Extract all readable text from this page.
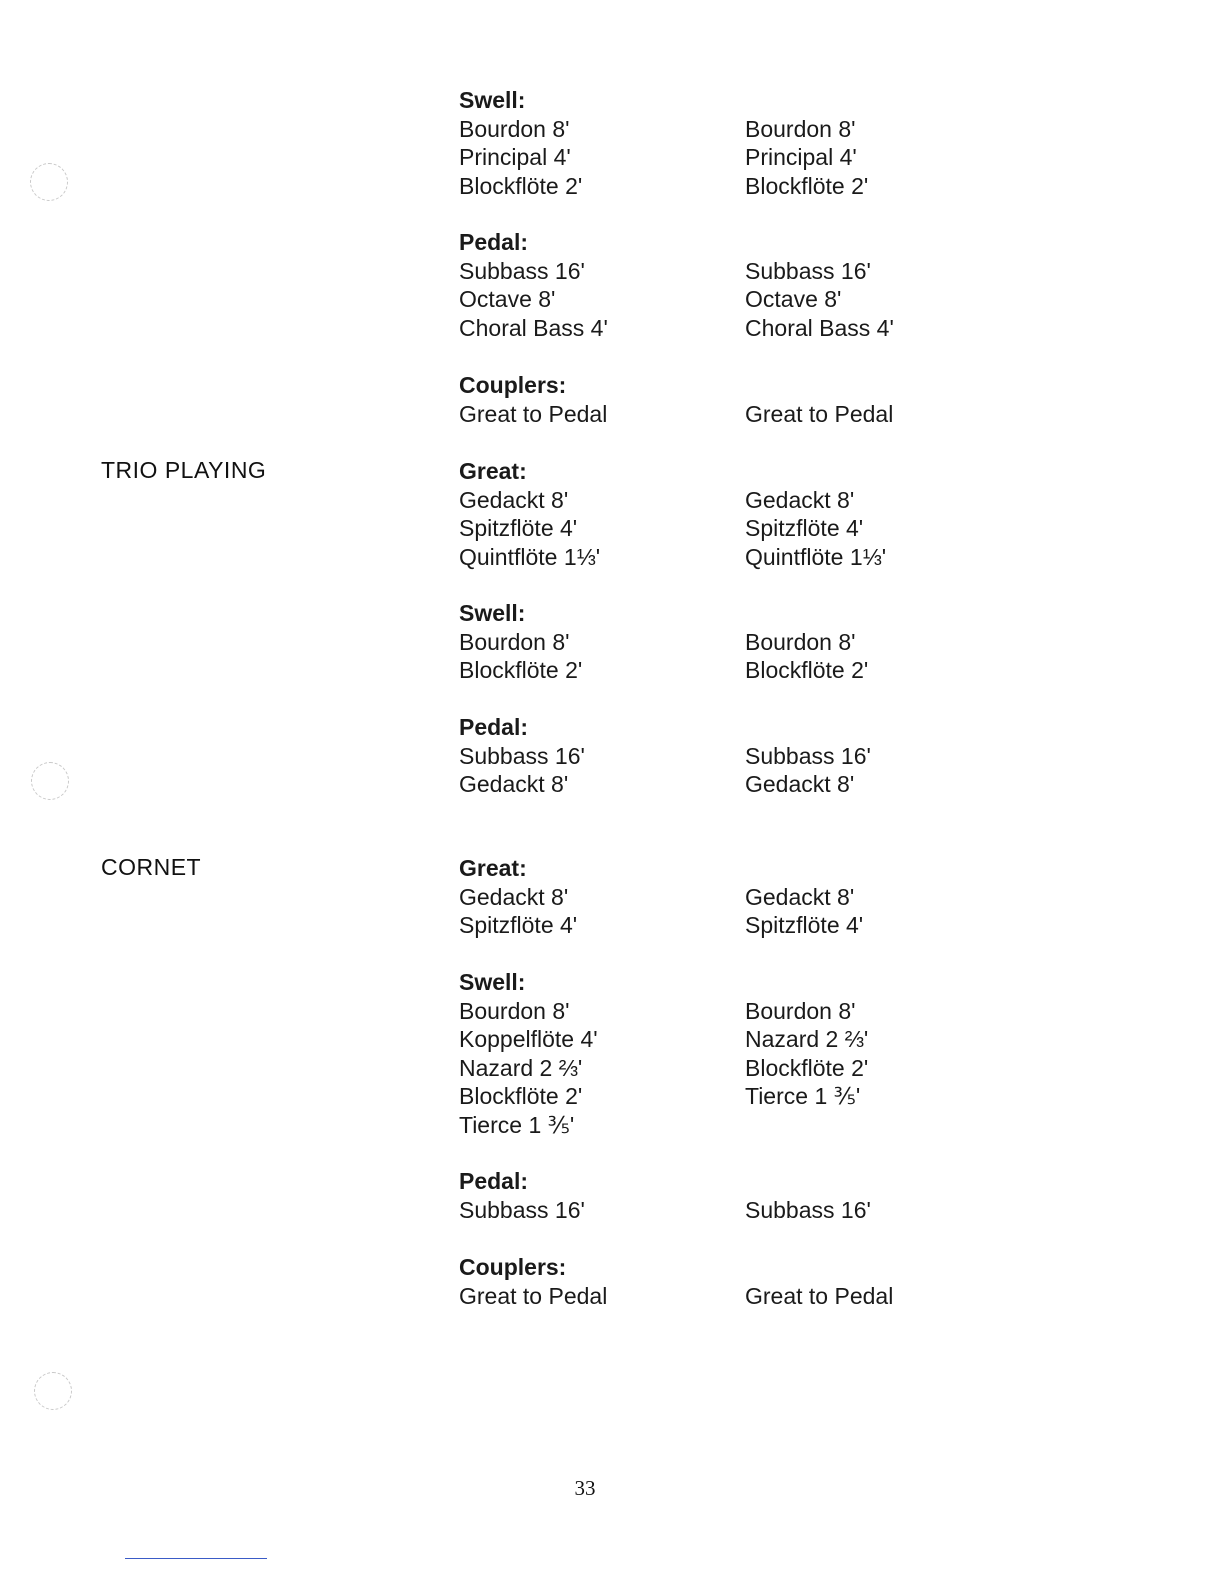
TRIO PLAYING
CORNET
Swell:
Bourdon 8'	Bourdon 8'
Principal 4'	Principal 4'
Blockflöte 2'	Blockflöte 2'
Pedal:
Subbass 16'	Subbass 16'
Octave 8'	Octave 8'
Choral Bass 4'	Choral Bass 4'
Couplers:
Great to Pedal	Great to Pedal
Great:
Gedackt 8'	Gedackt 8'
Spitzflöte 4'	Spitzflöte 4'
Quintflöte 1⅓'	Quintflöte 1⅓'
Swell:
Bourdon 8'	Bourdon 8'
Blockflöte 2'	Blockflöte 2'
Pedal:
Subbass 16'	Subbass 16'
Gedackt 8'	Gedackt 8'
Great:
Gedackt 8'	Gedackt 8'
Spitzflöte 4'	Spitzflöte 4'
Swell:
Bourdon 8'	Bourdon 8'
Koppelflöte 4'	Nazard 2 ⅔'
Nazard 2 ⅔'	Blockflöte 2'
Blockflöte 2'	Tierce 1 ⅗'
Tierce 1 ⅗'
Pedal:
Subbass 16'	Subbass 16'
Couplers:
Great to Pedal	Great to Pedal
33
